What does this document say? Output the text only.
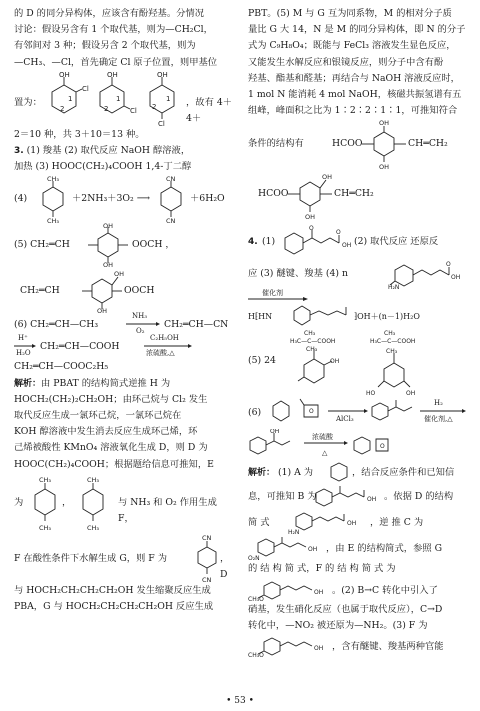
的 D 的同分异构体，应该含有酚羟基。分情况

讨论：假设另含有 1 个取代基，则为—CH₂Cl，

有邻间对 3 种；假设另含 2 个取代基，则为

—CH₃、—Cl，首先确定 Cl 原子位置，则甲基位

置为：
OH
Cl
OH
Cl
OH
Cl
1
2
1
2
1
2	，故有 4＋4＋

2＝10 种，共 3＋10＝13 种。

3. (1) 羧基 (2) 取代反应 NaOH 醇溶液，

加热 (3) HOOC(CH₂)₄COOH 1,4-丁二醇

(4)
CH₃
CH₃
＋2NH₃＋3O₂ ⟶
CN
CN
＋6H₂O
(5) CH₂═CH
OH
OH
OOCH ，
CH₂═CH
OH
OH
OOCH
(6) CH₂═CH—CH₃
NH₃
O₂
CH₂═CH—CN
H⁺
H₂O
CH₂═CH—COOH
C₂H₅OH
浓硫酸,△

CH₂═CH—COOC₂H₅

解析：由 PBAT 的结构简式逆推 H 为

HOCH₂(CH₂)₂CH₂OH；由环己烷与 Cl₂ 发生

取代反应生成一氯环己烷，一氯环己烷在

KOH 醇溶液中发生消去反应生成环己烯，环

己烯被酸性 KMnO₄ 溶液氧化生成 D，则 D 为

HOOC(CH₂)₄COOH；根据题给信息可推知，E

为
CH₃
CH₃
，
CH₃
CH₃
与 NH₃ 和 O₂ 作用生成 F，
F 在酸性条件下水解生成 G，则 F 为
CN
CN
，D

与 HOCH₂CH₂CH₂CH₂OH 发生缩聚反应生成

PBA，G 与 HOCH₂CH₂CH₂CH₂OH 反应生成

PBT。(5) M 与 G 互为同系物，M 的相对分子质

量比 G 大 14，N 是 M 的同分异构体，即 N 的分子

式为 C₉H₈O₄；既能与 FeCl₃ 溶液发生显色反应，

又能发生水解反应和银镜反应，则分子中含有酚

羟基、酯基和醛基；再结合与 NaOH 溶液反应时，

1 mol N 能消耗 4 mol NaOH，核磁共振氢谱有五

组峰，峰面积之比为 1∶2∶2∶1∶1，可推知符合

条件的结构有	HCOO
OH
OH
CH═CH₂
HCOO
OH
OH
CH═CH₂
4. (1)
O
O
OH (2) 取代反应 还原反
应 (3) 醚键、羧基 (4) n
H₂N
O
OH
催化剂
H⁅HN	⁆OH＋(n－1)H₂O
(5) 24
CH₃
H₃C—C—COOH
CH₃
OH
CH₃
H₃C—C—COOH
CH₃
HO	OH
(6)	O
AlCl₃
H₂
催化剂,△
OH
浓硫酸
△
O
解析： (1) A 为	，结合反应条件和已知信
息，可推知 B 为	OH 。依据 D 的结构
简 式
H₂N
OH ，逆 推 C 为
O₂N
OH ，由 E 的结构简式，参照 G

的 结 构 简 式，F 的 结 构 简 式 为

CH₃O
OH 。(2) B→C 转化中引入了

硝基，发生硝化反应（也属于取代反应），C→D

转化中，—NO₂ 被还原为—NH₂。(3) F 为

CH₃O
OH ，含有醚键、羧基两种官能
• 53 •
